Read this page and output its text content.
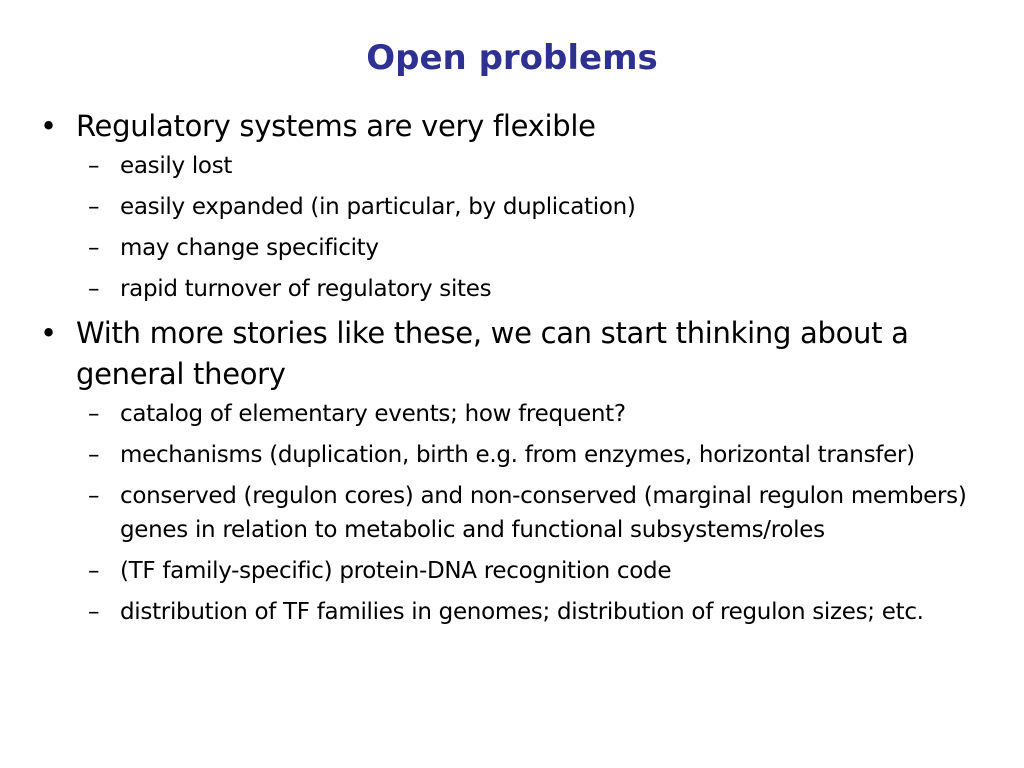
Open problems
• Regulatory systems are very flexible
– easily lost
– easily expanded (in particular, by duplication)
– may change specificity
– rapid turnover of regulatory sites
• With more stories like these, we can start thinking about a general theory
– catalog of elementary events; how frequent?
– mechanisms (duplication, birth e.g. from enzymes, horizontal transfer)
– conserved (regulon cores) and non-conserved (marginal regulon members) genes in relation to metabolic and functional subsystems/roles
– (TF family-specific) protein-DNA recognition code
– distribution of TF families in genomes; distribution of regulon sizes; etc.
